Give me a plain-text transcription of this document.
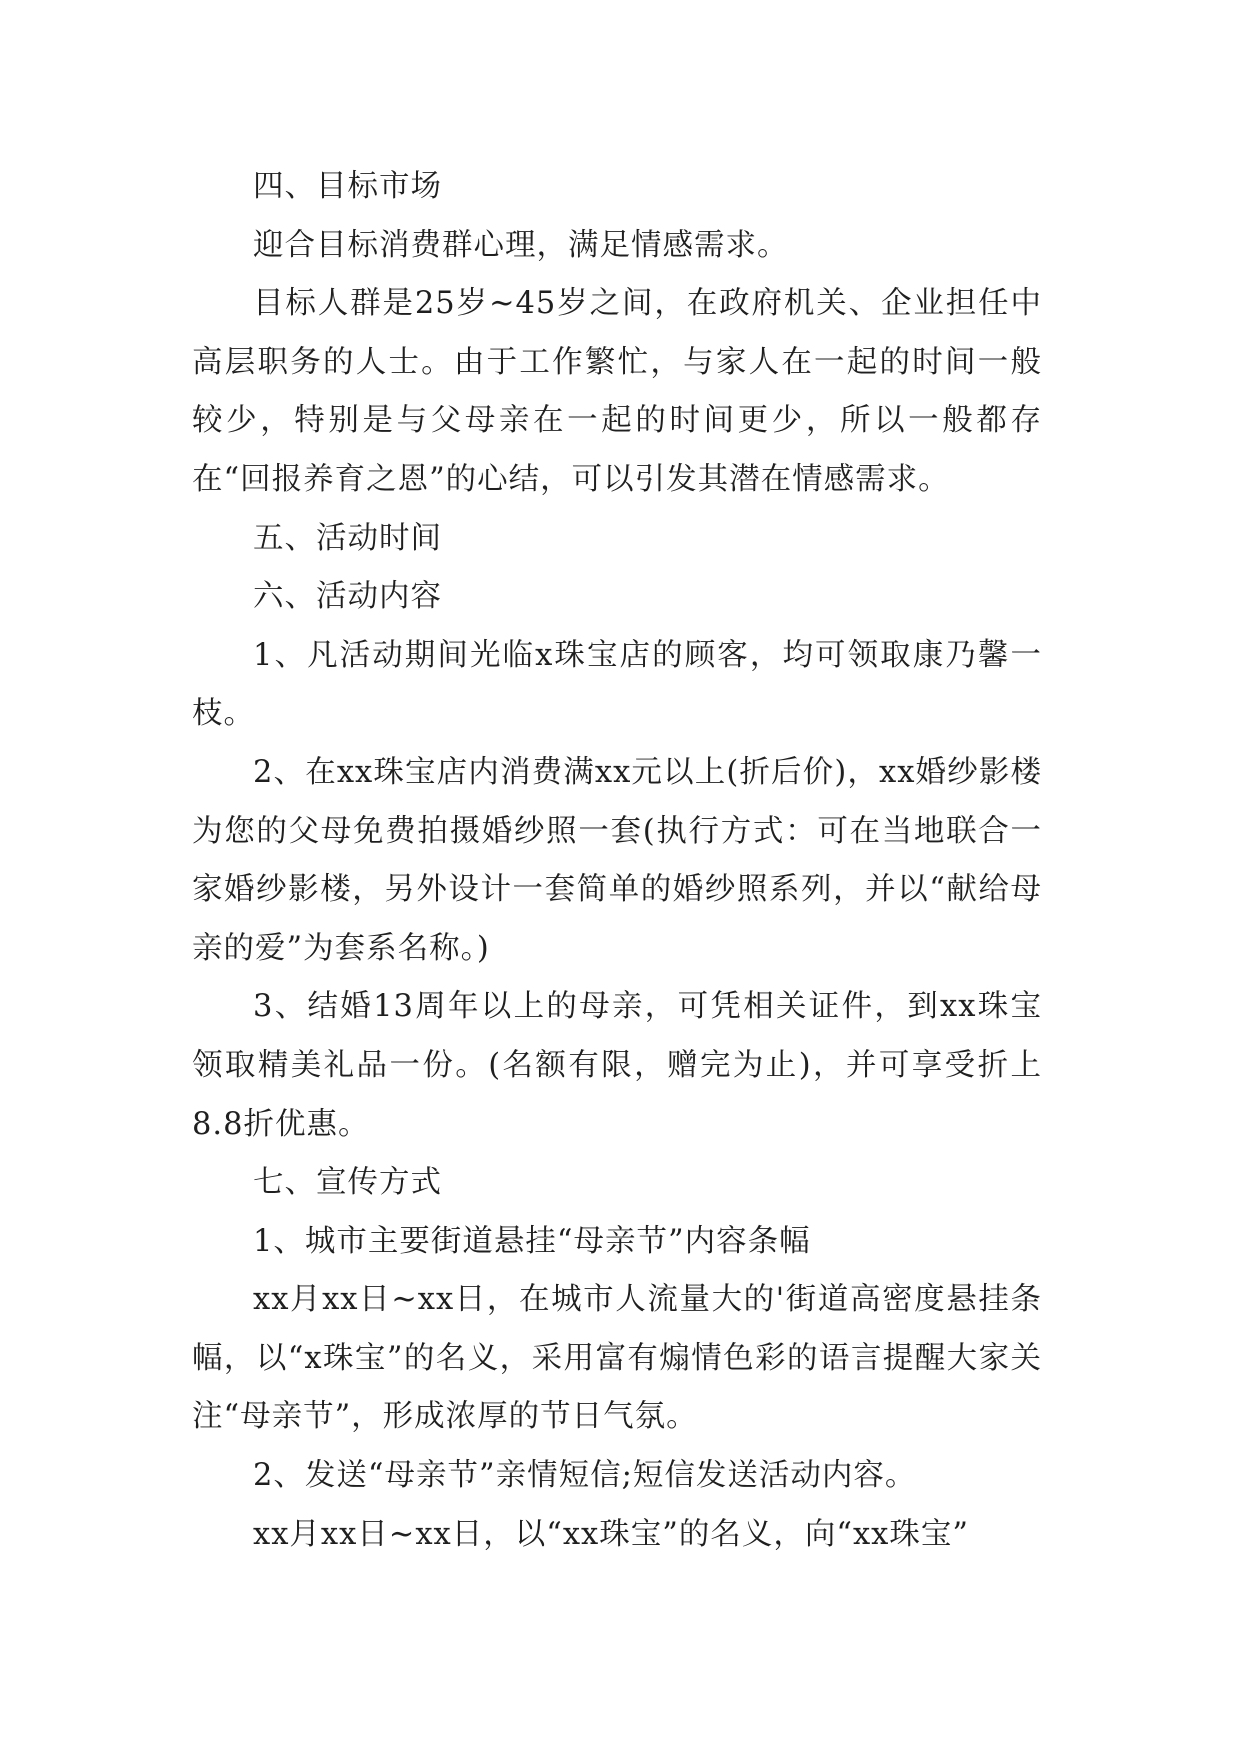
四、目标市场

迎合目标消费群心理，满足情感需求。

目标人群是25岁~45岁之间，在政府机关、企业担任中高层职务的人士。由于工作繁忙，与家人在一起的时间一般较少，特别是与父母亲在一起的时间更少，所以一般都存在“回报养育之恩”的心结，可以引发其潜在情感需求。

五、活动时间

六、活动内容

1、凡活动期间光临x珠宝店的顾客，均可领取康乃馨一枝。

2、在xx珠宝店内消费满xx元以上(折后价)，xx婚纱影楼为您的父母免费拍摄婚纱照一套(执行方式：可在当地联合一家婚纱影楼，另外设计一套简单的婚纱照系列，并以“献给母亲的爱”为套系名称。)

3、结婚13周年以上的母亲，可凭相关证件，到xx珠宝领取精美礼品一份。(名额有限，赠完为止)，并可享受折上8.8折优惠。

七、宣传方式

1、城市主要街道悬挂“母亲节”内容条幅

xx月xx日~xx日，在城市人流量大的'街道高密度悬挂条幅，以“x珠宝”的名义，采用富有煽情色彩的语言提醒大家关注“母亲节”，形成浓厚的节日气氛。

2、发送“母亲节”亲情短信;短信发送活动内容。

xx月xx日~xx日，以“xx珠宝”的名义，向“xx珠宝”
